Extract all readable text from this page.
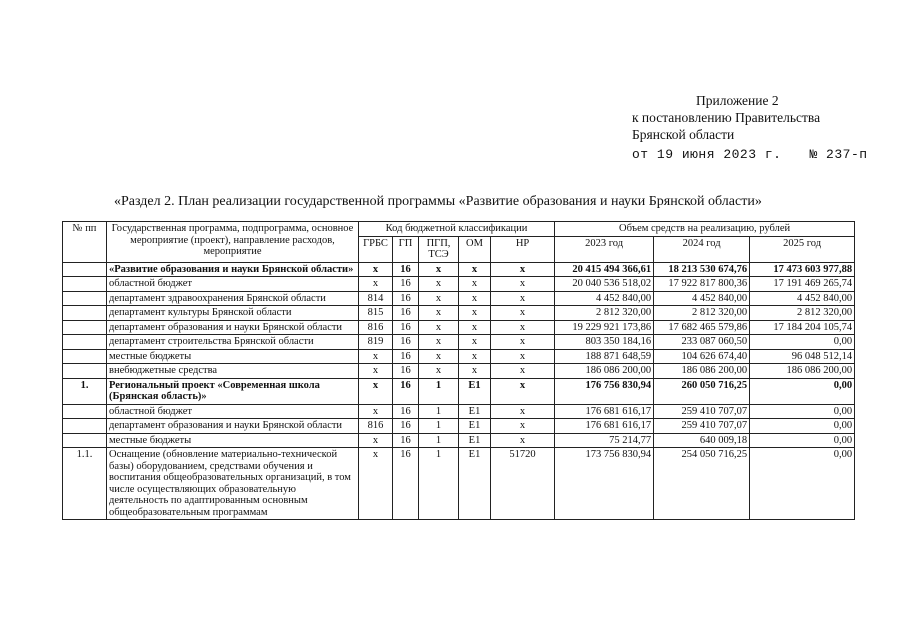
Приложение 2
к постановлению Правительства
Брянской области
от 19 июня 2023 г. № 237-п
«Раздел 2. План реализации государственной программы «Развитие образования и науки Брянской области»
№ пп	Государственная программа, подпрограмма, основное мероприятие (проект), направление расходов, мероприятие	Код бюджетной классификации					Объем средств на реализацию, рублей		
		ГРБС	ГП	ПГП, ТСЭ	ОМ	НР	2023 год	2024 год	2025 год
	«Развитие образования и науки Брянской области»	х	16	х	х	х	20 415 494 366,61	18 213 530 674,76	17 473 603 977,88
	областной бюджет	х	16	х	х	х	20 040 536 518,02	17 922 817 800,36	17 191 469 265,74
	департамент здравоохранения Брянской области	814	16	х	х	х	4 452 840,00	4 452 840,00	4 452 840,00
	департамент культуры Брянской области	815	16	х	х	х	2 812 320,00	2 812 320,00	2 812 320,00
	департамент образования и науки Брянской области	816	16	х	х	х	19 229 921 173,86	17 682 465 579,86	17 184 204 105,74
	департамент строительства Брянской области	819	16	х	х	х	803 350 184,16	233 087 060,50	0,00
	местные бюджеты	х	16	х	х	х	188 871 648,59	104 626 674,40	96 048 512,14
	внебюджетные средства	х	16	х	х	х	186 086 200,00	186 086 200,00	186 086 200,00
1.	Региональный проект «Современная школа (Брянская область)»	х	16	1	E1	х	176 756 830,94	260 050 716,25	0,00
	областной бюджет	х	16	1	E1	х	176 681 616,17	259 410 707,07	0,00
	департамент образования и науки Брянской области	816	16	1	E1	х	176 681 616,17	259 410 707,07	0,00
	местные бюджеты	х	16	1	E1	х	75 214,77	640 009,18	0,00
1.1.	Оснащение (обновление материально-технической базы) оборудованием, средствами обучения и воспитания общеобразовательных организаций, в том числе осуществляющих образовательную деятельность по адаптированным основным общеобразовательным программам	х	16	1	E1	51720	173 756 830,94	254 050 716,25	0,00
